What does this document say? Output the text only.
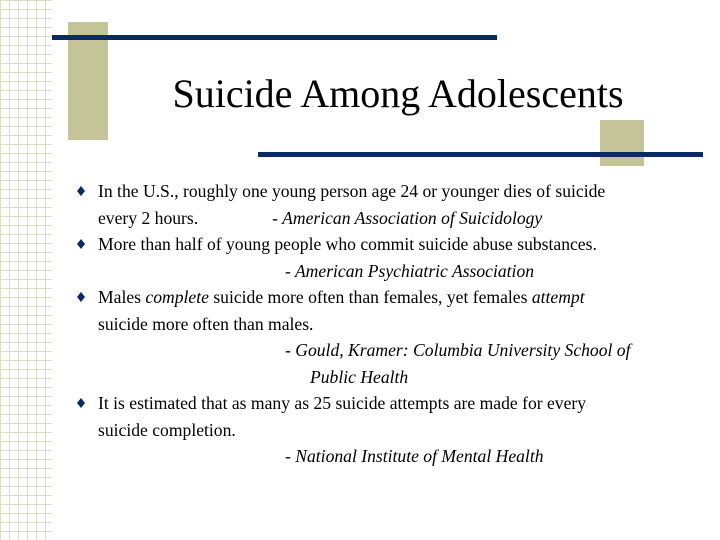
Suicide Among Adolescents
In the U.S., roughly one young person age 24 or younger dies of suicide
every 2 hours.	- American Association of Suicidology
More than half of young people who commit suicide abuse substances.
- American Psychiatric Association
Males complete suicide more often than females, yet females attempt
suicide more often than males.
- Gould, Kramer: Columbia University School of
Public Health
It is estimated that as many as 25 suicide attempts are made for every
suicide completion.
- National Institute of Mental Health
